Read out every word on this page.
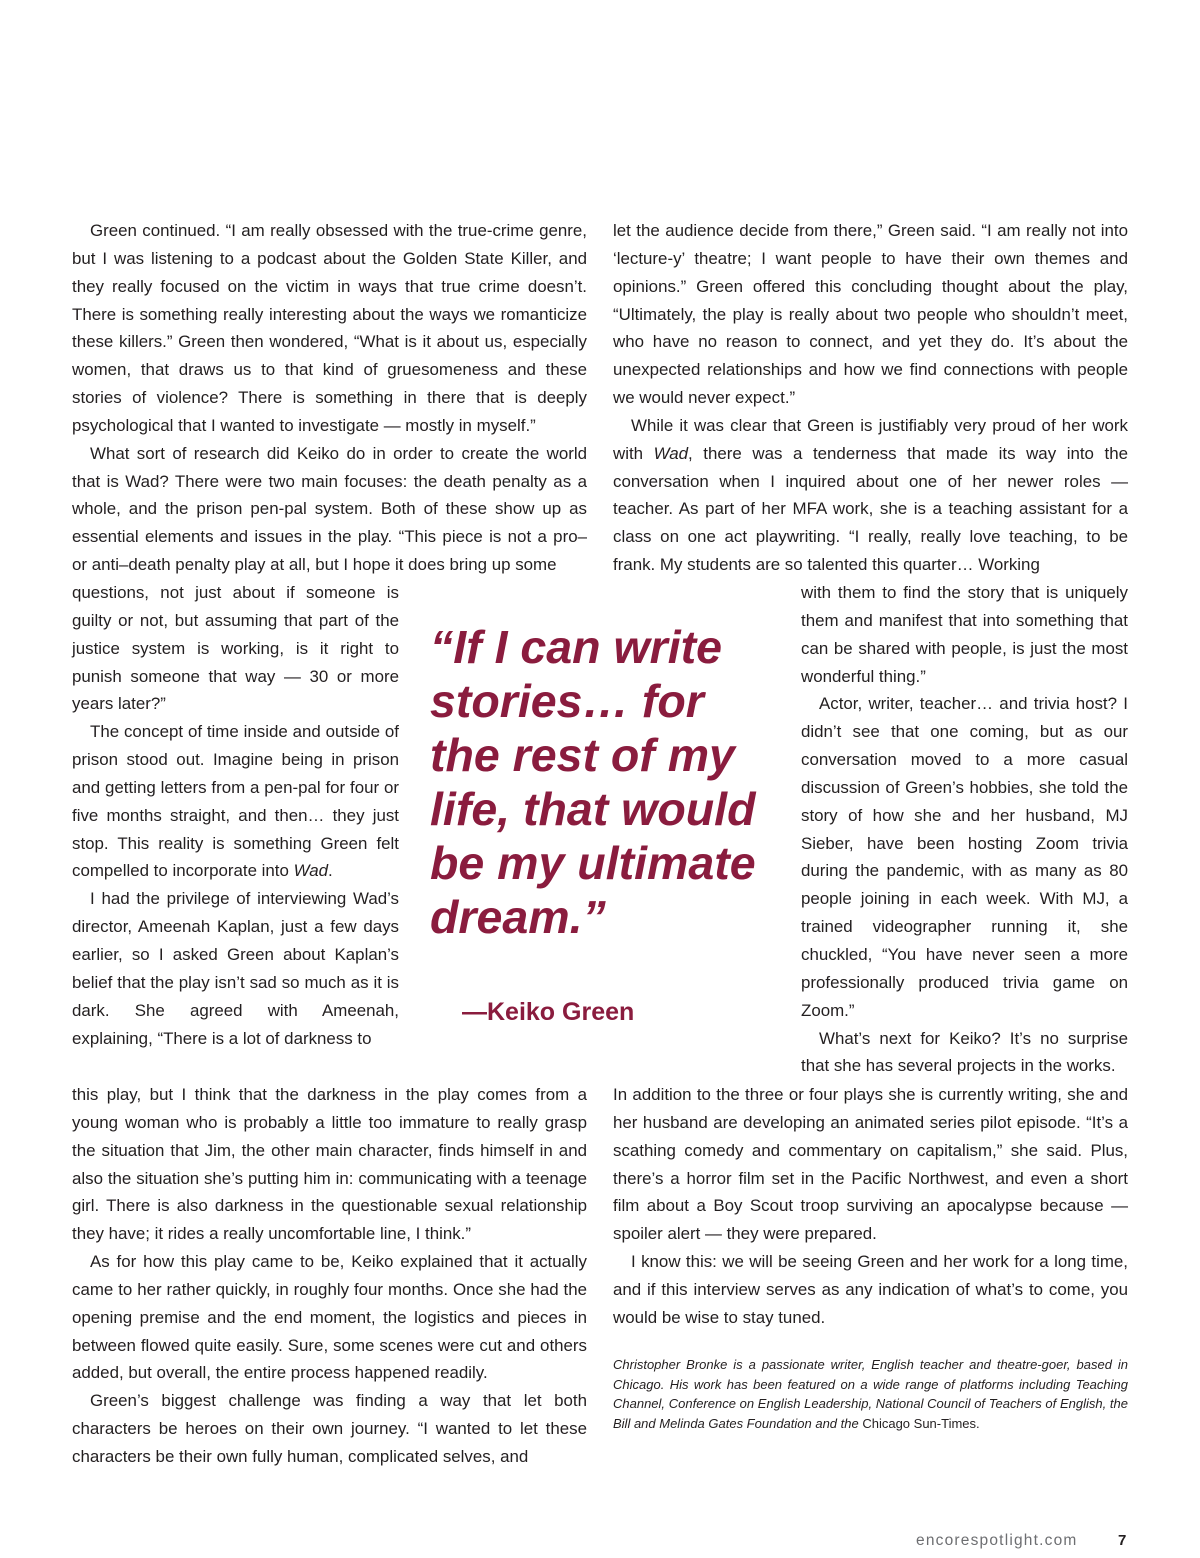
Green continued. “I am really obsessed with the true-crime genre, but I was listening to a podcast about the Golden State Killer, and they really focused on the victim in ways that true crime doesn’t. There is something really interesting about the ways we romanticize these killers.” Green then wondered, “What is it about us, especially women, that draws us to that kind of gruesomeness and these stories of violence? There is something in there that is deeply psychological that I wanted to investigate — mostly in myself.”

What sort of research did Keiko do in order to create the world that is Wad? There were two main focuses: the death penalty as a whole, and the prison pen-pal system. Both of these show up as essential elements and issues in the play. “This piece is not a pro– or anti–death penalty play at all, but I hope it does bring up some

questions, not just about if someone is guilty or not, but assuming that part of the justice system is working, is it right to punish someone that way — 30 or more years later?”

The concept of time inside and outside of prison stood out. Imagine being in prison and getting letters from a pen-pal for four or five months straight, and then… they just stop. This reality is something Green felt compelled to incorporate into Wad.

I had the privilege of interviewing Wad’s director, Ameenah Kaplan, just a few days earlier, so I asked Green about Kaplan’s belief that the play isn’t sad so much as it is dark. She agreed with Ameenah, explaining, “There is a lot of darkness to

this play, but I think that the darkness in the play comes from a young woman who is probably a little too immature to really grasp the situation that Jim, the other main character, finds himself in and also the situation she’s putting him in: communicating with a teenage girl. There is also darkness in the questionable sexual relationship they have; it rides a really uncomfortable line, I think.”

As for how this play came to be, Keiko explained that it actually came to her rather quickly, in roughly four months. Once she had the opening premise and the end moment, the logistics and pieces in between flowed quite easily. Sure, some scenes were cut and others added, but overall, the entire process happened readily.

Green’s biggest challenge was finding a way that let both characters be heroes on their own journey. “I wanted to let these characters be their own fully human, complicated selves, and

let the audience decide from there,” Green said. “I am really not into ‘lecture-y’ theatre; I want people to have their own themes and opinions.” Green offered this concluding thought about the play, “Ultimately, the play is really about two people who shouldn’t meet, who have no reason to connect, and yet they do. It’s about the unexpected relationships and how we find connections with people we would never expect.”

While it was clear that Green is justifiably very proud of her work with Wad, there was a tenderness that made its way into the conversation when I inquired about one of her newer roles — teacher. As part of her MFA work, she is a teaching assistant for a class on one act playwriting. “I really, really love teaching, to be frank. My students are so talented this quarter… Working

with them to find the story that is uniquely them and manifest that into something that can be shared with people, is just the most wonderful thing.”

Actor, writer, teacher… and trivia host? I didn’t see that one coming, but as our conversation moved to a more casual discussion of Green’s hobbies, she told the story of how she and her husband, MJ Sieber, have been hosting Zoom trivia during the pandemic, with as many as 80 people joining in each week. With MJ, a trained videographer running it, she chuckled, “You have never seen a more professionally produced trivia game on Zoom.”

What’s next for Keiko? It’s no surprise that she has several projects in the works.

In addition to the three or four plays she is currently writing, she and her husband are developing an animated series pilot episode. “It’s a scathing comedy and commentary on capitalism,” she said. Plus, there’s a horror film set in the Pacific Northwest, and even a short film about a Boy Scout troop surviving an apocalypse because — spoiler alert — they were prepared.

I know this: we will be seeing Green and her work for a long time, and if this interview serves as any indication of what’s to come, you would be wise to stay tuned.

“If I can write stories… for the rest of my life, that would be my ultimate dream.”

—Keiko Green

Christopher Bronke is a passionate writer, English teacher and theatre-goer, based in Chicago. His work has been featured on a wide range of platforms including Teaching Channel, Conference on English Leadership, National Council of Teachers of English, the Bill and Melinda Gates Foundation and the Chicago Sun-Times.

encorespotlight.com	7
